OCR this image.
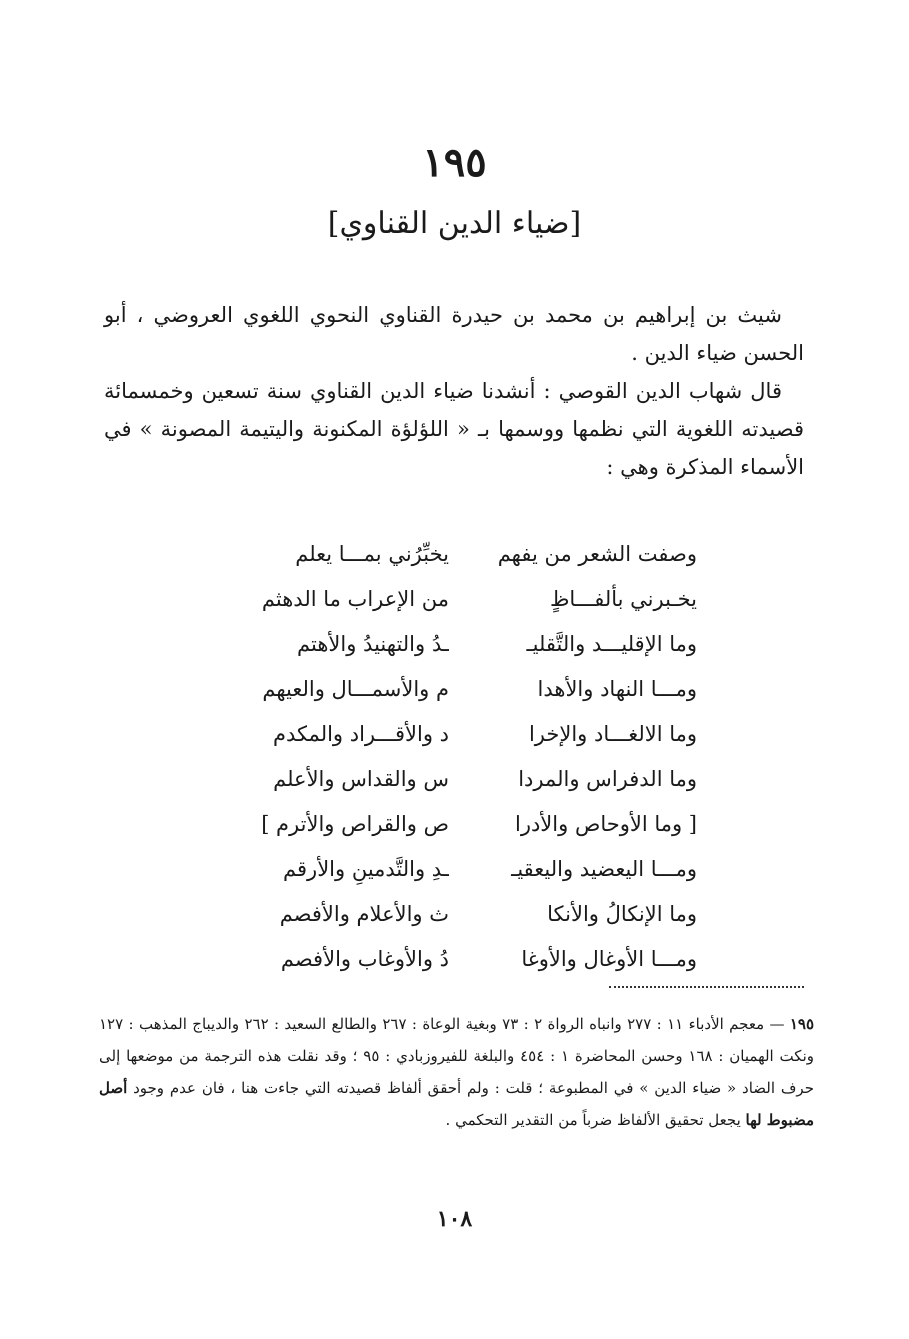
١٩٥
[ضياء الدين القناوي]

شيث بن إبراهيم بن محمد بن حيدرة القناوي النحوي اللغوي العروضي ، أبو الحسن ضياء الدين .

قال شهاب الدين القوصي : أنشدنا ضياء الدين القناوي سنة تسعين وخمسمائة قصيدته اللغوية التي نظمها ووسمها بـ « اللؤلؤة المكنونة واليتيمة المصونة » في الأسماء المذكرة وهي :

وصفت الشعر من يفهم
يخبِّرُني بمـــا يعلم
يخـبرني بألفـــاظٍ
من الإعراب ما الدهثم
وما الإقليـــد والتَّقليـ
ـدُ والتهنيدُ والأهتم
ومـــا النهاد والأهدا
م والأسمـــال والعيهم
وما الالغـــاد والإخرا
د والأقـــراد والمكدم
وما الدفراس والمردا
س والقداس والأعلم
[ وما الأوحاص والأدرا
ص والقراص والأترم ]
ومـــا اليعضيد واليعقيـ
ـدِ والتَّدمينِ والأرقم
وما الإنكالُ والأنكا
ث والأعلام والأفصم
ومـــا الأوغال والأوغا
دُ والأوغاب والأفصم

١٩٥ — معجم الأدباء ١١ : ٢٧٧ وانباه الرواة ٢ : ٧٣ وبغية الوعاة : ٢٦٧ والطالع السعيد : ٢٦٢ والديباج المذهب : ١٢٧ ونكت الهميان : ١٦٨ وحسن المحاضرة ١ : ٤٥٤ والبلغة للفيروزبادي : ٩٥ ؛ وقد نقلت هذه الترجمة من موضعها إلى حرف الضاد « ضياء الدين » في المطبوعة ؛ قلت : ولم أحقق ألفاظ قصيدته التي جاءت هنا ، فان عدم وجود أصل مضبوط لها يجعل تحقيق الألفاظ ضرباً من التقدير التحكمي .

١٠٨
